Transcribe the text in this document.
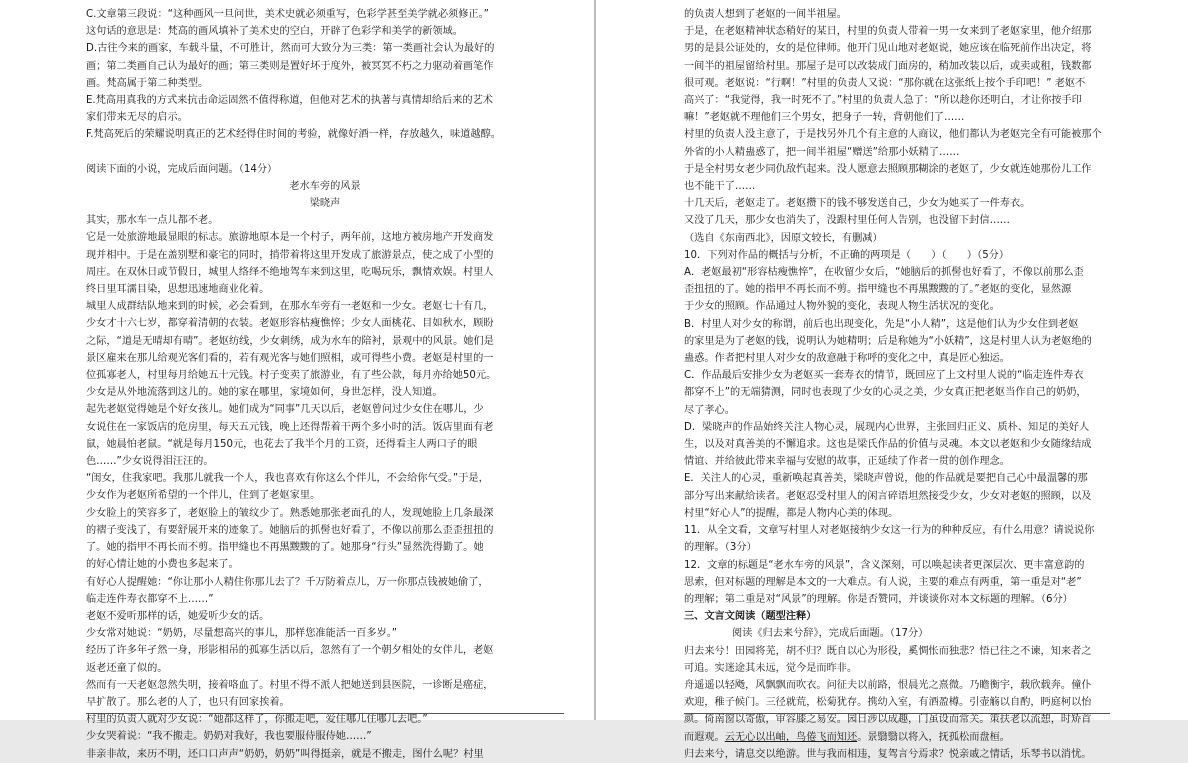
C.文章第三段说：“这种画风一旦问世，美术史就必须重写，色彩学甚至美学就必须修正。”
这句话的意思是：梵高的画风填补了美术史的空白，开辟了色彩学和美学的新领域。
D.古往今来的画家，车载斗量，不可胜计，然而可大致分为三类：第一类画社会认为最好的
画；第二类画自己认为最好的画；第三类则是置好坏于度外，被冥冥不朽之力驱动着画笔作
画。梵高属于第二种类型。
E.梵高用真我的方式来抗击命运固然不值得称道，但他对艺术的执著与真情却给后来的艺术
家们带来无尽的启示。
F.梵高死后的荣耀说明真正的艺术经得住时间的考验，就像好酒一样，存放越久，味道越醇。
阅读下面的小说，完成后面问题。（14分）
老水车旁的风景
梁晓声
其实，那水车一点儿都不老。
它是一处旅游地最显眼的标志。旅游地原本是一个村子，两年前，这地方被房地产开发商发
现并相中。于是在盖别墅和豪宅的同时，捎带着将这里开发成了旅游景点，使之成了小型的
周庄。在双休日或节假日，城里人络绎不绝地驾车来到这里，吃喝玩乐，飘情欢娱。村里人
终日里耳濡目染，思想迅速地商业化着。
城里人成群结队地来到的时候，必会看到，在那水车旁有一老妪和一少女。老妪七十有几，
少女才十六七岁，都穿着清朝的衣装。老妪形容枯瘦憔悴；少女人面桃花、目如秋水，顾盼
之际，“道是无晴却有晴”。老妪纺线，少女刺绣，成为水车的陪衬，景观中的风景。她们是
景区雇来在那儿给观光客们看的，若有观光客与她们照相，或可得些小费。老妪是村里的一
位孤寡老人，村里每月给她五十元钱。村子变卖了旅游业，有了些公款，每月亦给她50元。
少女是从外地流落到这儿的。她的家在哪里，家境如何，身世怎样，没人知道。
起先老妪觉得她是个好女孩儿。她们成为“同事”几天以后，老妪曾问过少女住在哪儿，少
女说住在一家饭店的危房里，每天五元钱，晚上还得帮着干两个多小时的活。饭店里面有老
鼠，她晨怕老鼠。“就是每月150元，也花去了我半个月的工资，还得看主人两口子的眼
色……”少女说得泪汪汪的。
“闺女，住我家吧。我那儿就我一个人，我也喜欢有你这么个伴儿，不会给你气受。”于是，
少女作为老妪所希望的一个伴儿，住到了老妪家里。
少女脸上的笑容多了，老妪脸上的皱纹少了。熟悉她那张老面孔的人，发现她脸上几条最深
的褶子变浅了，有要舒展开来的迹象了。她脑后的抓髻也好看了，不像以前那么歪歪扭扭的
了。她的指甲不再长而不剪。指甲缝也不再黑黢黢的了。她那身“行头”显然洗得勤了。她
的好心情让她的小费也多起来了。
有好心人提醒她：“你让那小人精住你那儿去了？千万防着点儿，万一你那点钱被她偷了，
临走连件寿衣都穿不上……”
老妪不爱听那样的话，她爱听少女的话。
少女常对她说：“奶奶，尽量想高兴的事儿，那样您准能活一百多岁。”
经历了许多年孑然一身，形影相吊的孤寡生活以后，忽然有了一个朝夕相处的女伴儿，老妪
返老还童了似的。
然而有一天老妪忽然失明，接着咯血了。村里不得不派人把她送到县医院，一诊断是癌症，
早扩散了。那么老的人了，也只有回家挨着。
村里的负责人就对少女说：“她都这样了，你搬走吧，爱住哪儿住哪儿去吧。”
少女哭着说：“我不搬走。奶奶对我好，我也要服侍服侍她……”
非亲非故，来历不明，还口口声声“奶奶，奶奶”叫得挺亲，就是不搬走，图什么呢？村里
的负责人想到了老妪的一间半祖屋。
于是，在老妪精神状态稍好的某日，村里的负责人带着一男一女来到了老妪家里，他介绍那
男的是县公证处的，女的是位律师。他开门见山地对老妪说，她应该在临死前作出决定，将
一间半的祖屋留给村里。那屋子是可以改装成门面房的，稍加改装以后，或卖或租，钱数都
很可观。老妪说：“行啊！”村里的负责人又说：“那你就在这张纸上按个手印吧！” 老妪不
高兴了：“我觉得，我一时死不了。”村里的负责人急了：“所以趁你还明白，才让你按手印
嘛！”老妪就不理他们三个男女，把身子一转，背朝他们了……
村里的负责人没主意了，于是找另外几个有主意的人商议，他们都认为老妪完全有可能被那个
外省的小人精蛊惑了，把一间半祖屋“赠送”给那小妖精了……
于是全村男女老少同仇敌忾起来。没人愿意去照顾那糊涂的老妪了，少女就连她那份儿工作
也不能干了……
十几天后，老妪走了。老妪攒下的钱不够发送自己，少女为她买了一件寿衣。
又没了几天，那少女也消失了，没跟村里任何人告别，也没留下封信……
（选自《东南西北》，因原文较长，有删减）
10．下列对作品的概括与分析，不正确的两项是（　　）（　　）（5分）
A．老妪最初“形容枯瘦憔悴”，在收留少女后，“她脑后的抓髻也好看了，不像以前那么歪
歪扭扭的了。她的指甲不再长而不剪。指甲缝也不再黑黢黢的了。”老妪的变化，显然源
于少女的照顾。作品通过人物外貌的变化，表现人物生活状况的变化。
B．村里人对少女的称谓，前后也出现变化，先是“小人精”，这是他们认为少女住到老妪
的家里是为了老妪的钱，说明认为她精明；后是称她为“小妖精”，这是村里人认为老妪绝的
蛊惑。作者把村里人对少女的敌意融于称呼的变化之中，真是匠心独运。
C．作品最后安排少女为老妪买一套寿衣的情节，既回应了上文村里人说的“临走连件寿衣
都穿不上”的无端猜测，同时也表现了少女的心灵之美，少女真正把老妪当作自己的奶奶，
尽了孝心。
D．梁晓声的作品始终关注人物心灵，展现内心世界，主张回归正义、质朴、知足的美好人
生，以及对真善美的不懈追求。这也是梁氏作品的价值与灵魂。本文以老妪和少女随缘结成
情谊、并给彼此带来幸福与安慰的故事，正延续了作者一贯的创作理念。
E．关注人的心灵，重新唤起真善美，梁晓声曾说，他的作品就是要把自己心中最温馨的那
部分写出来献给读者。老妪忍受村里人的闲言碎语坦然接受少女，少女对老妪的照顾，以及
村里“好心人”的提醒，都是人物内心美的体现。
11．从全文看，文章写村里人对老妪接纳少女这一行为的种种反应，有什么用意？请说说你
的理解。（3分）
12．文章的标题是“老水车旁的风景”，含义深刻，可以唤起读者更深层次、更丰富意韵的
思索，但对标题的理解是本文的一大难点。有人说，主要的难点有两重，第一重是对“老”
的理解；第二重是对“风景”的理解。你是否赞同，并谈谈你对本文标题的理解。（6分）
三、文言文阅读（题型注释）
阅读《归去来兮辞》，完成后面题。（17分）
归去来兮！田园将芜，胡不归？既自以心为形役，奚惆怅而独悲？悟已往之不谏，知来者之
可追。实迷途其未远，觉今是而昨非。
舟遥遥以轻飏，风飘飘而吹衣。问征夫以前路，恨晨光之熹微。乃瞻衡宇，载欣载奔。僮仆
欢迎，稚子候门。三径就荒，松菊犹存。携幼入室，有酒盈樽。引壶觞以自酌，眄庭柯以怡
颜。倚南窗以寄傲，审容膝之易安。园日涉以成趣，门虽设而常关。策扶老以流憩，时矫首
而遐观。云无心以出岫，鸟倦飞而知还。景翳翳以将入，抚孤松而盘桓。
归去来兮，请息交以绝游。世与我而相违，复驾言兮焉求？悦亲戚之情话，乐琴书以消忧。
